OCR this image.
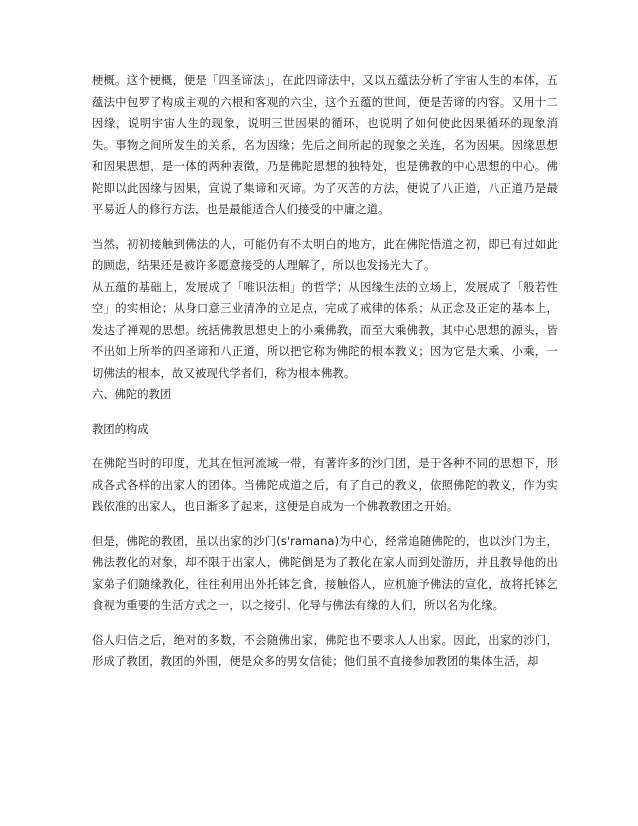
梗概。这个梗概，便是「四圣谛法」，在此四谛法中，又以五蕴法分析了宇宙人生的本体，五蕴法中包罗了构成主观的六根和客观的六尘，这个五蕴的世间，便是苦谛的内容。又用十二因缘，说明宇宙人生的现象，说明三世因果的循环，也说明了如何使此因果循环的现象消失。事物之间所发生的关系，名为因缘；先后之间所起的现象之关连，名为因果。因缘思想和因果思想，是一体的两种表徵，乃是佛陀思想的独特处，也是佛教的中心思想的中心。佛陀即以此因缘与因果，宣说了集谛和灭谛。为了灭苦的方法，便说了八正道，八正道乃是最平易近人的修行方法，也是最能适合人们接受的中庸之道。

当然，初初接触到佛法的人，可能仍有不太明白的地方，此在佛陀悟道之初，即已有过如此的顾虑，结果还是被许多愿意接受的人理解了，所以也发扬光大了。

从五蕴的基础上，发展成了「唯识法相」的哲学；从因缘生法的立场上，发展成了「般若性空」的实相论；从身口意三业清净的立足点，完成了戒律的体系；从正念及正定的基本上，发达了禅观的思想。统括佛教思想史上的小乘佛教，而至大乘佛教，其中心思想的源头，皆不出如上所举的四圣谛和八正道，所以把它称为佛陀的根本教义；因为它是大乘、小乘，一切佛法的根本，故又被现代学者们，称为根本佛教。

六、佛陀的教团

教团的构成

在佛陀当时的印度，尤其在恒河流域一带，有著许多的沙门团，是于各种不同的思想下，形成各式各样的出家人的团体。当佛陀成道之后，有了自己的教义，依照佛陀的教义，作为实践依准的出家人，也日渐多了起来，这便是自成为一个佛教教团之开始。

但是，佛陀的教团，虽以出家的沙门(s'ramana)为中心，经常追随佛陀的，也以沙门为主，佛法教化的对象，却不限于出家人，佛陀倒是为了教化在家人而到处游历，并且教导他的出家弟子们随缘教化，往往利用出外托钵乞食，接触俗人，应机施予佛法的宣化，故将托钵乞食视为重要的生活方式之一，以之接引、化导与佛法有缘的人们，所以名为化缘。

俗人归信之后，绝对的多数，不会随佛出家，佛陀也不要求人人出家。因此，出家的沙门，形成了教团，教团的外围，便是众多的男女信徒；他们虽不直接参加教团的集体生活，却
